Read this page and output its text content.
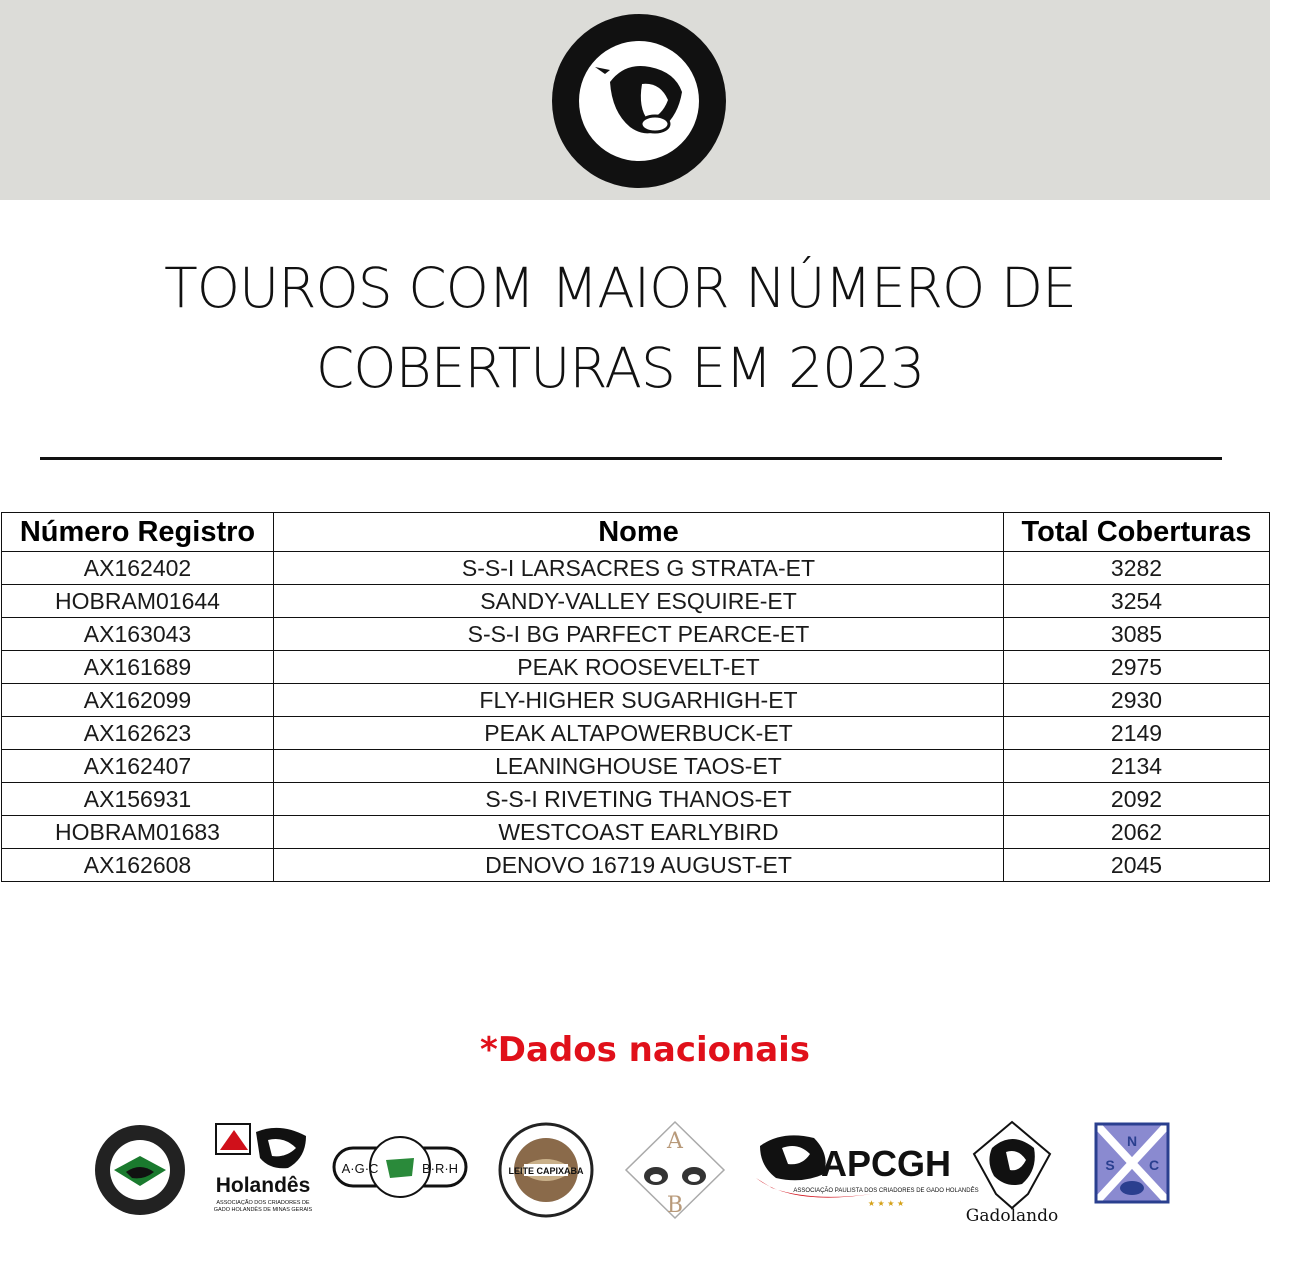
TOUROS COM MAIOR NÚMERO DE
COBERTURAS EM 2023
Número Registro	Nome	Total Coberturas
AX162402	S-S-I LARSACRES G STRATA-ET	3282
HOBRAM01644	SANDY-VALLEY ESQUIRE-ET	3254
AX163043	S-S-I BG PARFECT PEARCE-ET	3085
AX161689	PEAK ROOSEVELT-ET	2975
AX162099	FLY-HIGHER SUGARHIGH-ET	2930
AX162623	PEAK ALTAPOWERBUCK-ET	2149
AX162407	LEANINGHOUSE TAOS-ET	2134
AX156931	S-S-I RIVETING THANOS-ET	2092
HOBRAM01683	WESTCOAST EARLYBIRD	2062
AX162608	DENOVO 16719 AUGUST-ET	2045
*Dados nacionais
Holandês
ASSOCIAÇÃO DOS CRIADORES DE
GADO HOLANDÊS DE MINAS GERAIS
A·G·C	B·R·H	LEITE CAPIXABA
A
B
APCGH
ASSOCIAÇÃO PAULISTA DOS CRIADORES DE GADO HOLANDÊS
★ ★ ★ ★
Gadolando
N
S C
